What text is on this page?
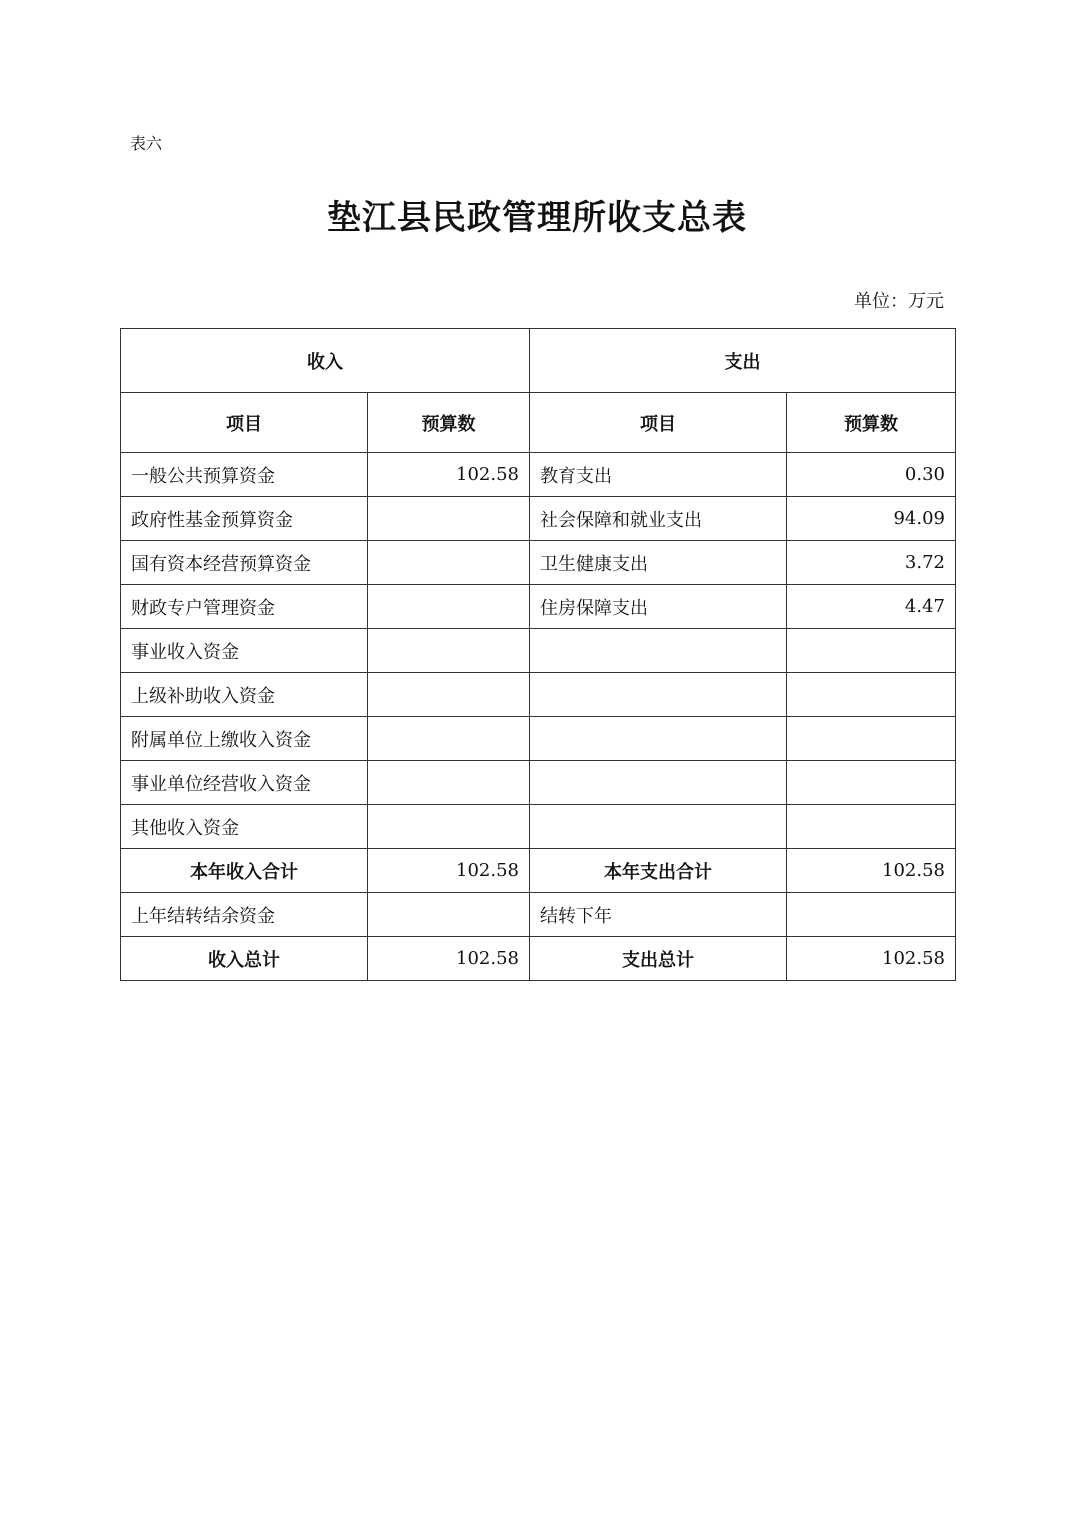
表六
垫江县民政管理所收支总表
单位：万元
收入		支出	
项目	预算数	项目	预算数
一般公共预算资金	102.58	教育支出	0.30
政府性基金预算资金		社会保障和就业支出	94.09
国有资本经营预算资金		卫生健康支出	3.72
财政专户管理资金		住房保障支出	4.47
事业收入资金			
上级补助收入资金			
附属单位上缴收入资金			
事业单位经营收入资金			
其他收入资金			
本年收入合计	102.58	本年支出合计	102.58
上年结转结余资金		结转下年	
收入总计	102.58	支出总计	102.58
